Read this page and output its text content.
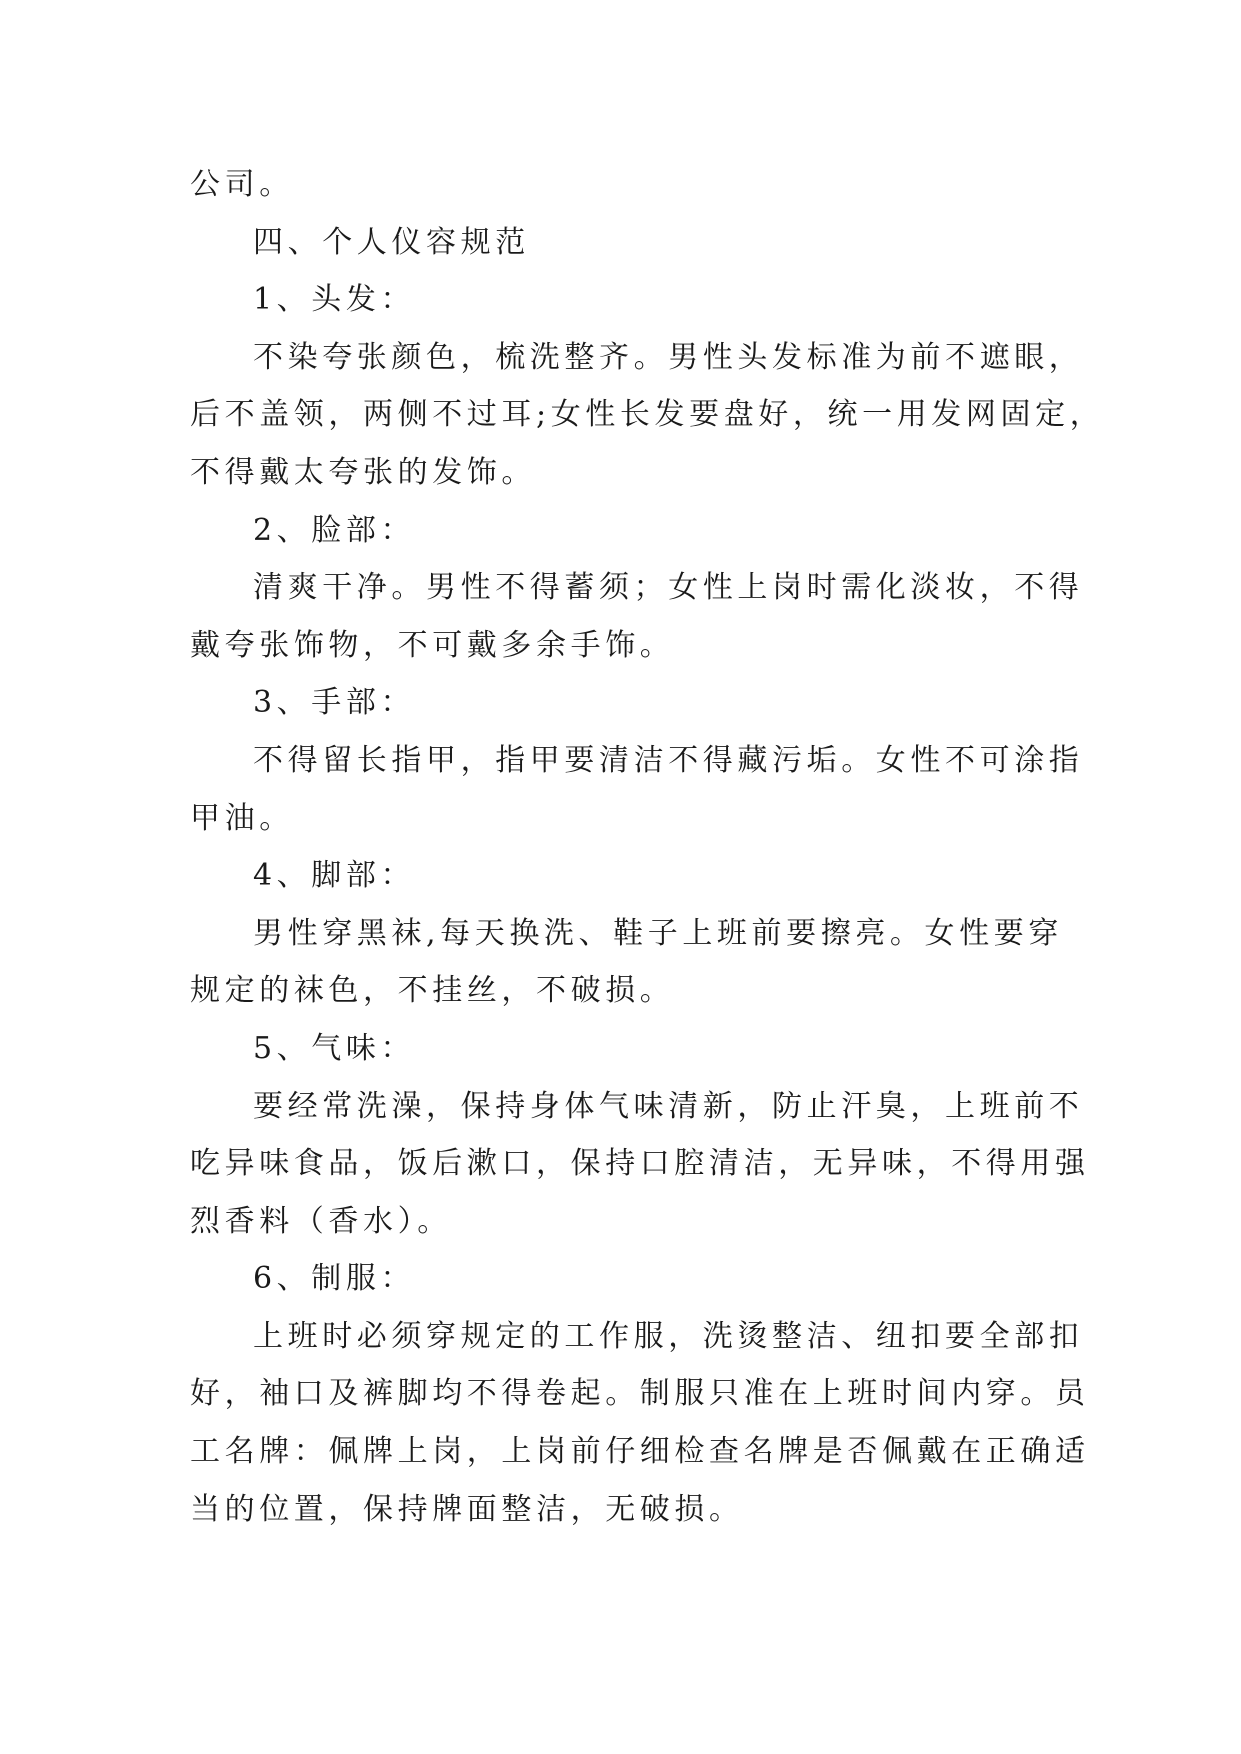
公司。

四、个人仪容规范

1、头发：

不染夸张颜色，梳洗整齐。男性头发标准为前不遮眼，

后不盖领，两侧不过耳;女性长发要盘好，统一用发网固定，

不得戴太夸张的发饰。

2、脸部：

清爽干净。男性不得蓄须；女性上岗时需化淡妆，不得

戴夸张饰物，不可戴多余手饰。

3、手部：

不得留长指甲，指甲要清洁不得藏污垢。女性不可涂指

甲油。

4、脚部：

男性穿黑袜,每天换洗、鞋子上班前要擦亮。女性要穿

规定的袜色，不挂丝，不破损。

5、气味：

要经常洗澡，保持身体气味清新，防止汗臭，上班前不

吃异味食品，饭后漱口，保持口腔清洁，无异味，不得用强

烈香料（香水）。

6、制服：

上班时必须穿规定的工作服，洗烫整洁、纽扣要全部扣

好，袖口及裤脚均不得卷起。制服只准在上班时间内穿。员

工名牌：佩牌上岗，上岗前仔细检查名牌是否佩戴在正确适

当的位置，保持牌面整洁，无破损。
